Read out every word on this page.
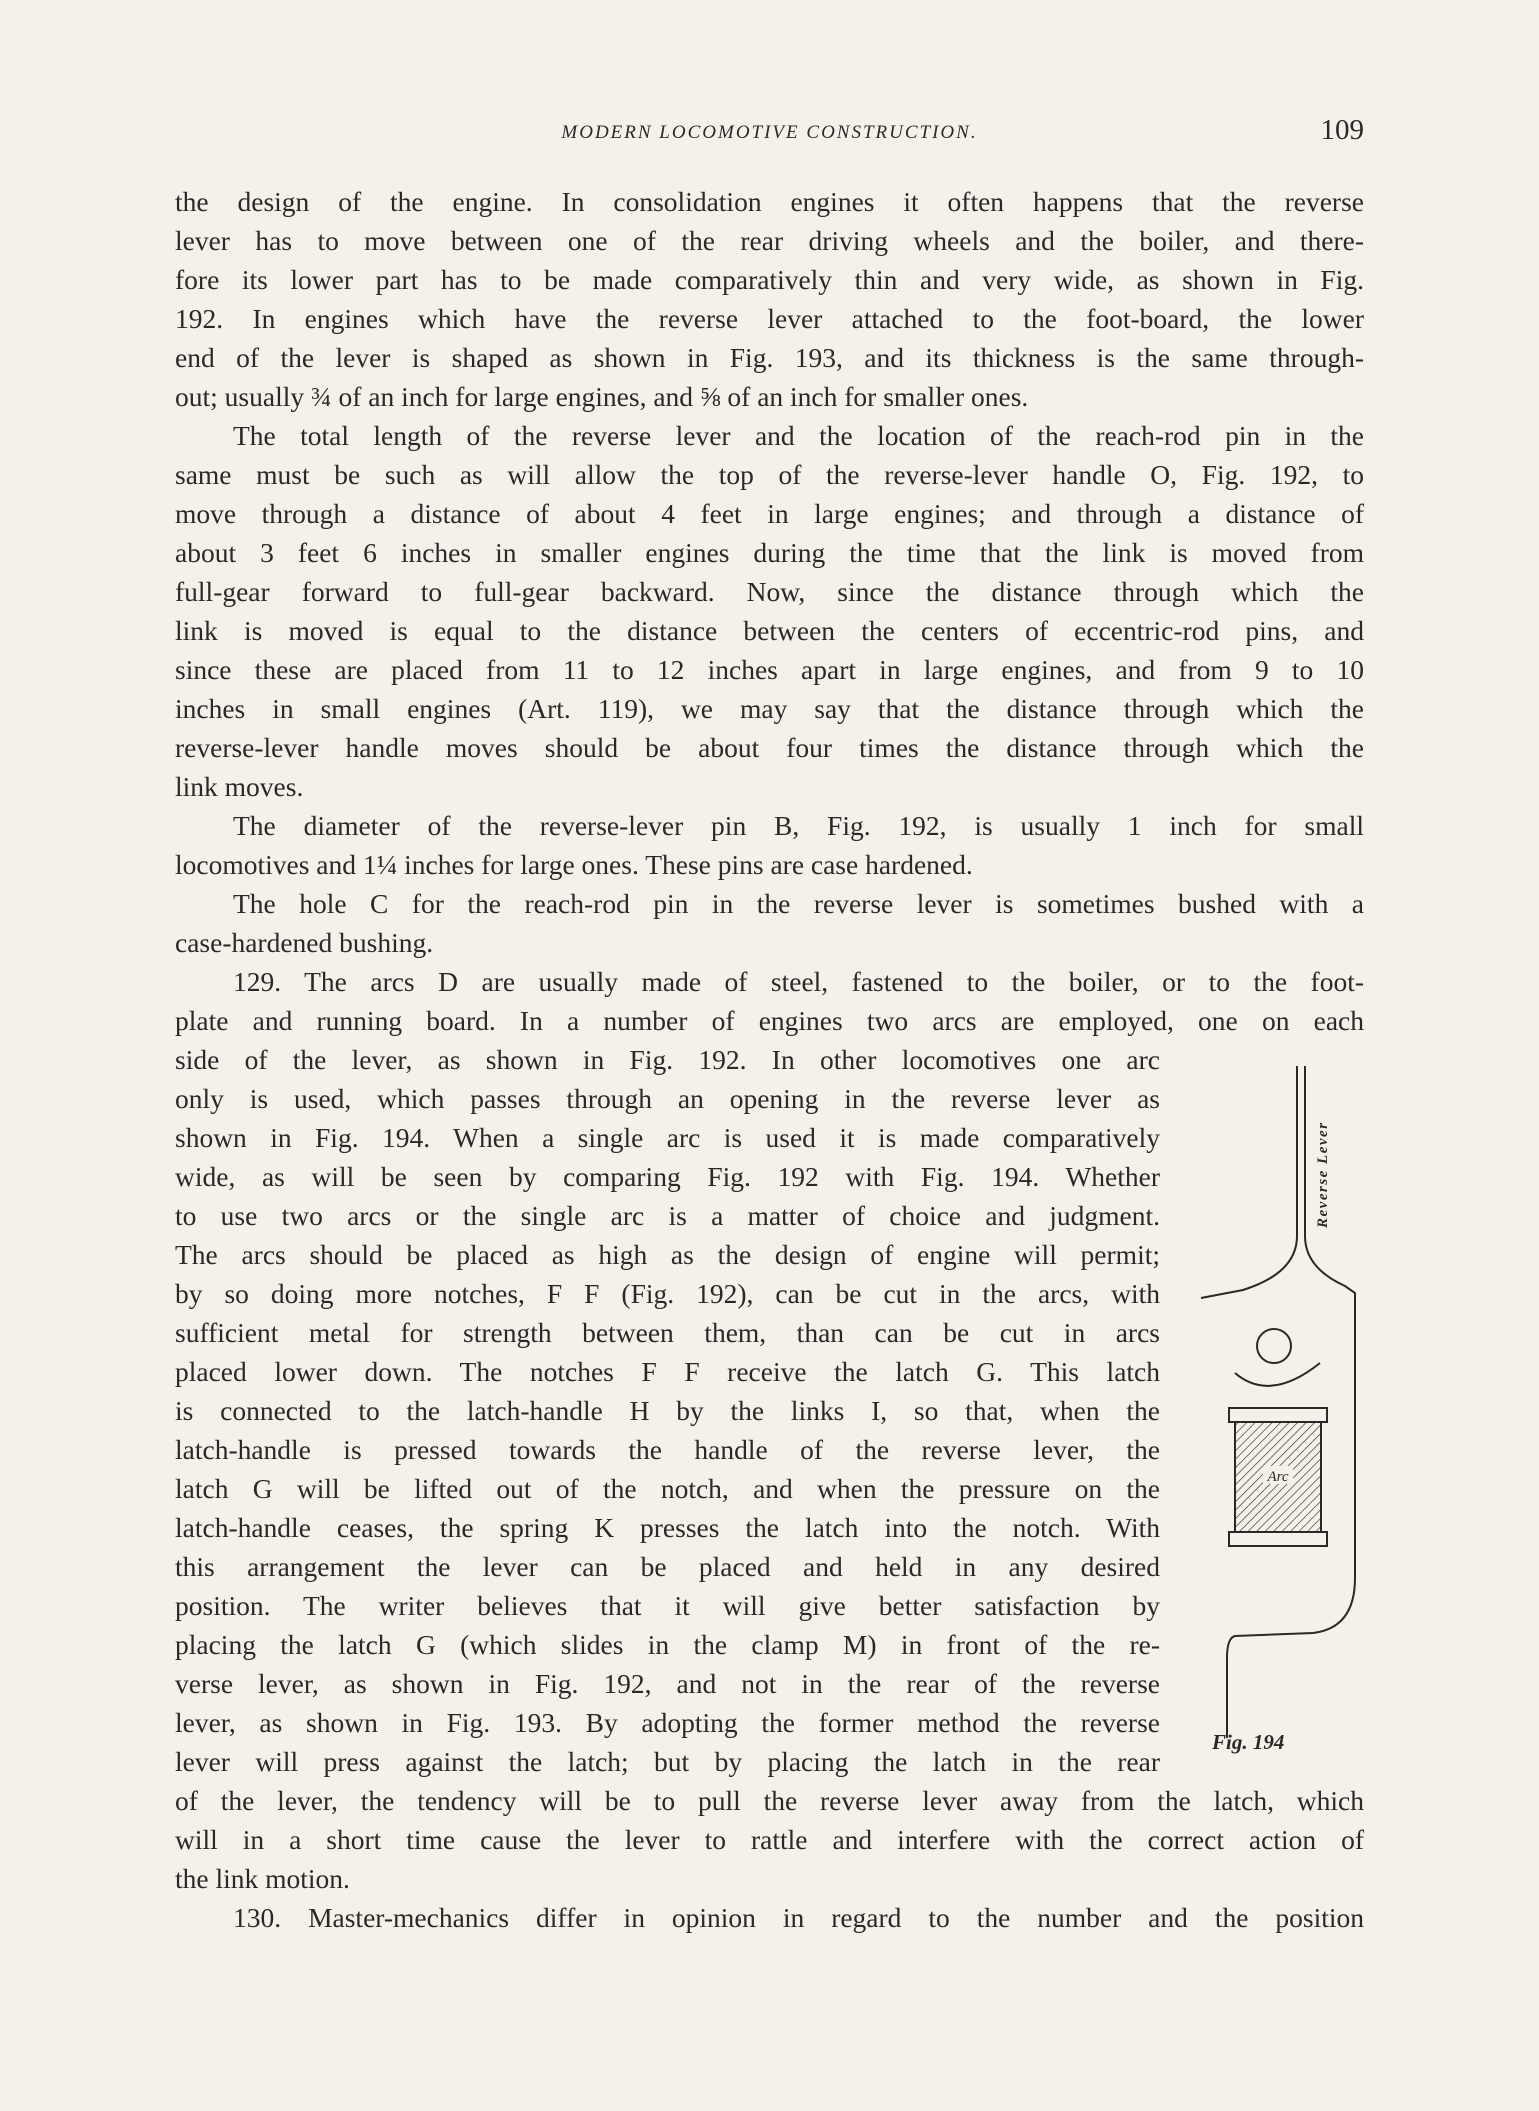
MODERN LOCOMOTIVE CONSTRUCTION.	109
the design of the engine. In consolidation engines it often happens that the reverse
lever has to move between one of the rear driving wheels and the boiler, and there-
fore its lower part has to be made comparatively thin and very wide, as shown in Fig.
192. In engines which have the reverse lever attached to the foot-board, the lower
end of the lever is shaped as shown in Fig. 193, and its thickness is the same through-
out; usually ¾ of an inch for large engines, and ⅝ of an inch for smaller ones.
The total length of the reverse lever and the location of the reach-rod pin in the
same must be such as will allow the top of the reverse-lever handle O, Fig. 192, to
move through a distance of about 4 feet in large engines; and through a distance of
about 3 feet 6 inches in smaller engines during the time that the link is moved from
full-gear forward to full-gear backward. Now, since the distance through which the
link is moved is equal to the distance between the centers of eccentric-rod pins, and
since these are placed from 11 to 12 inches apart in large engines, and from 9 to 10
inches in small engines (Art. 119), we may say that the distance through which the
reverse-lever handle moves should be about four times the distance through which the
link moves.
The diameter of the reverse-lever pin B, Fig. 192, is usually 1 inch for small
locomotives and 1¼ inches for large ones. These pins are case hardened.
The hole C for the reach-rod pin in the reverse lever is sometimes bushed with a
case-hardened bushing.
129. The arcs D are usually made of steel, fastened to the boiler, or to the foot-
plate and running board. In a number of engines two arcs are employed, one on each
side of the lever, as shown in Fig. 192. In other locomotives one arc
only is used, which passes through an opening in the reverse lever as
shown in Fig. 194. When a single arc is used it is made comparatively
wide, as will be seen by comparing Fig. 192 with Fig. 194. Whether
to use two arcs or the single arc is a matter of choice and judgment.
The arcs should be placed as high as the design of engine will permit;
by so doing more notches, F F (Fig. 192), can be cut in the arcs, with
sufficient metal for strength between them, than can be cut in arcs
placed lower down. The notches F F receive the latch G. This latch
is connected to the latch-handle H by the links I, so that, when the
latch-handle is pressed towards the handle of the reverse lever, the
latch G will be lifted out of the notch, and when the pressure on the
latch-handle ceases, the spring K presses the latch into the notch. With
this arrangement the lever can be placed and held in any desired
position. The writer believes that it will give better satisfaction by
placing the latch G (which slides in the clamp M) in front of the re-
verse lever, as shown in Fig. 192, and not in the rear of the reverse
lever, as shown in Fig. 193. By adopting the former method the reverse
lever will press against the latch; but by placing the latch in the rear
of the lever, the tendency will be to pull the reverse lever away from the latch, which
will in a short time cause the lever to rattle and interfere with the correct action of
the link motion.
130. Master-mechanics differ in opinion in regard to the number and the position
Arc
Reverse Lever
Fig. 194
